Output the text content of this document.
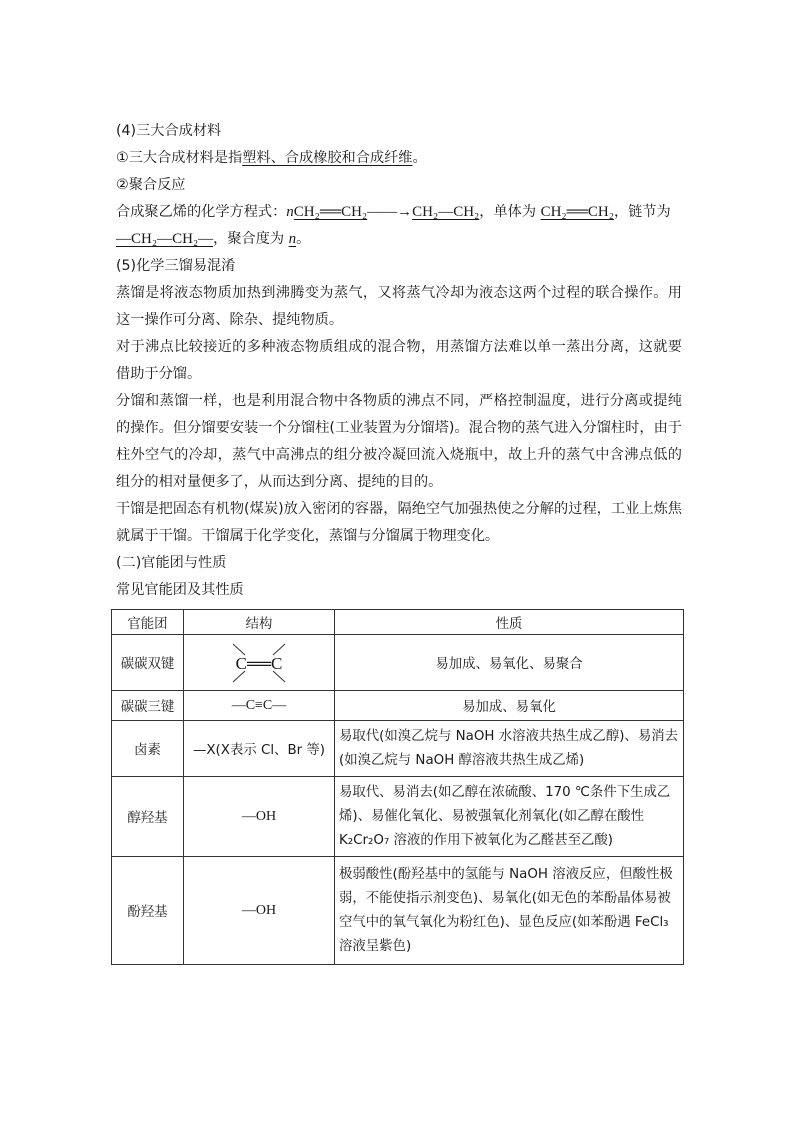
(4)三大合成材料
①三大合成材料是指塑料、合成橡胶和合成纤维。
②聚合反应
合成聚乙烯的化学方程式：nCH₂══CH₂——→CH₂—CH₂，单体为 CH₂══CH₂，链节为
—CH₂—CH₂—，聚合度为 n。
(5)化学三馏易混淆
蒸馏是将液态物质加热到沸腾变为蒸气，又将蒸气冷却为液态这两个过程的联合操作。用这一操作可分离、除杂、提纯物质。
对于沸点比较接近的多种液态物质组成的混合物，用蒸馏方法难以单一蒸出分离，这就要借助于分馏。
分馏和蒸馏一样，也是利用混合物中各物质的沸点不同，严格控制温度，进行分离或提纯的操作。但分馏要安装一个分馏柱(工业装置为分馏塔)。混合物的蒸气进入分馏柱时，由于柱外空气的冷却，蒸气中高沸点的组分被冷凝回流入烧瓶中，故上升的蒸气中含沸点低的组分的相对量便多了，从而达到分离、提纯的目的。
干馏是把固态有机物(煤炭)放入密闭的容器，隔绝空气加强热使之分解的过程，工业上炼焦就属于干馏。干馏属于化学变化，蒸馏与分馏属于物理变化。
(二)官能团与性质
常见官能团及其性质
官能团	结构	性质
碳碳双键	C══C	易加成、易氧化、易聚合
碳碳三键	—C≡C—	易加成、易氧化
卤素	—X(X表示 Cl、Br 等)	易取代(如溴乙烷与 NaOH 水溶液共热生成乙醇)、易消去(如溴乙烷与 NaOH 醇溶液共热生成乙烯)
醇羟基	—OH	易取代、易消去(如乙醇在浓硫酸、170 ℃条件下生成乙烯)、易催化氧化、易被强氧化剂氧化(如乙醇在酸性 K₂Cr₂O₇ 溶液的作用下被氧化为乙醛甚至乙酸)
酚羟基	—OH	极弱酸性(酚羟基中的氢能与 NaOH 溶液反应，但酸性极弱，不能使指示剂变色)、易氧化(如无色的苯酚晶体易被空气中的氧气氧化为粉红色)、显色反应(如苯酚遇 FeCl₃ 溶液呈紫色)
